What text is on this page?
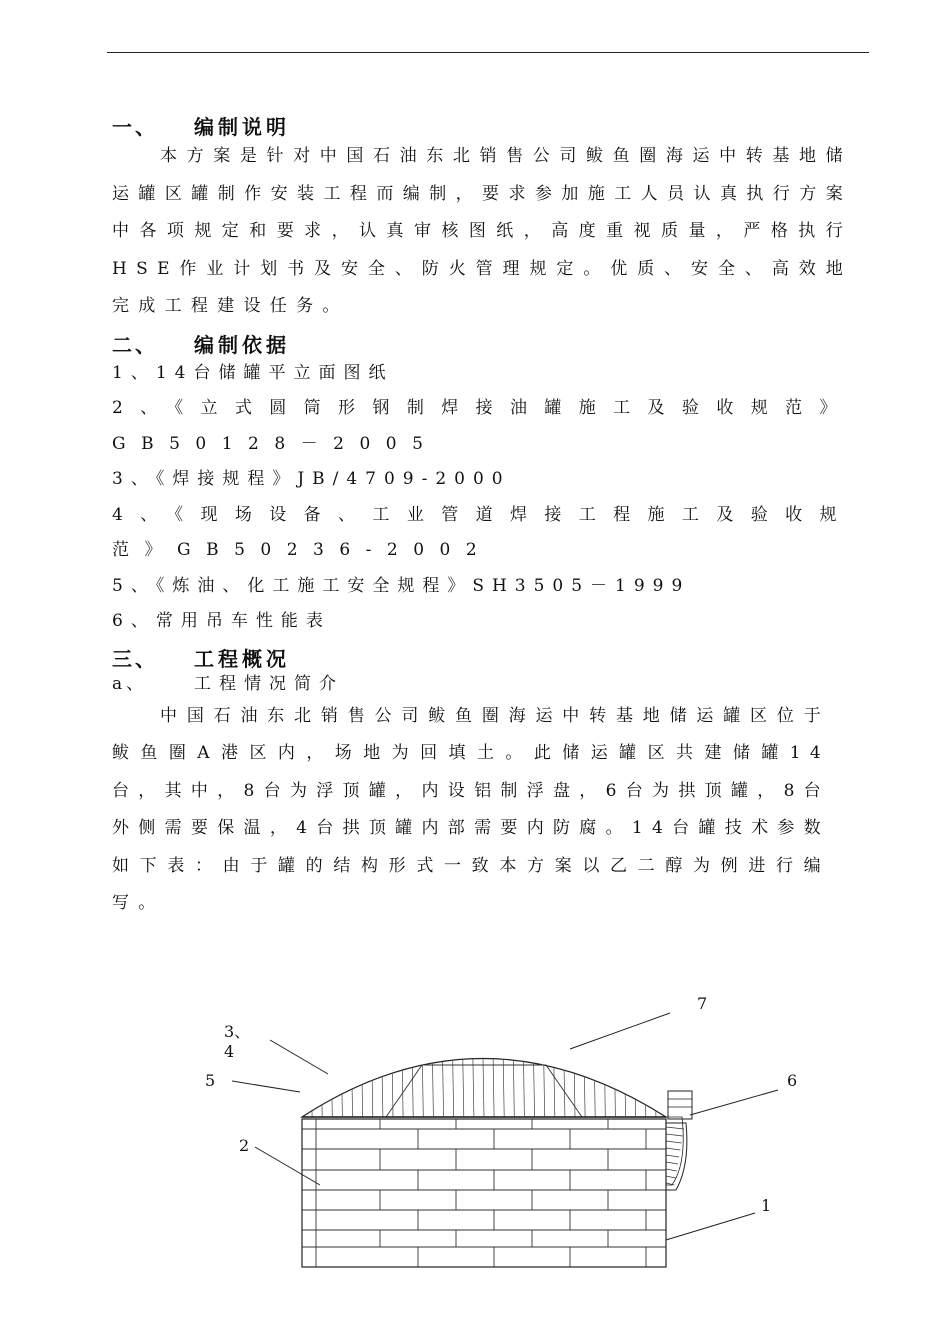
一、 编制说明
本方案是针对中国石油东北销售公司鲅鱼圈海运中转基地储运罐区罐制作安装工程而编制，要求参加施工人员认真执行方案中各项规定和要求，认真审核图纸，高度重视质量，严格执行HSE作业计划书及安全、防火管理规定。优质、安全、高效地完成工程建设任务。
二、 编制依据
1、14台储罐平立面图纸
2、《立式圆筒形钢制焊接油罐施工及验收规范》GB50128－2005
3、《焊接规程》JB/4709-2000
4、《现场设备、工业管道焊接工程施工及验收规范》GB50236-2002
5、《炼油、化工施工安全规程》SH3505－1999
6、常用吊车性能表
三、 工程概况
a、	工程情况简介
中国石油东北销售公司鲅鱼圈海运中转基地储运罐区位于鲅鱼圈A港区内，场地为回填土。此储运罐区共建储罐14台，其中，8台为浮顶罐，内设铝制浮盘，6台为拱顶罐，8台外侧需要保温，4台拱顶罐内部需要内防腐。14台罐技术参数如下表：由于罐的结构形式一致本方案以乙二醇为例进行编写。
7
3、
4
5	6
2
1
